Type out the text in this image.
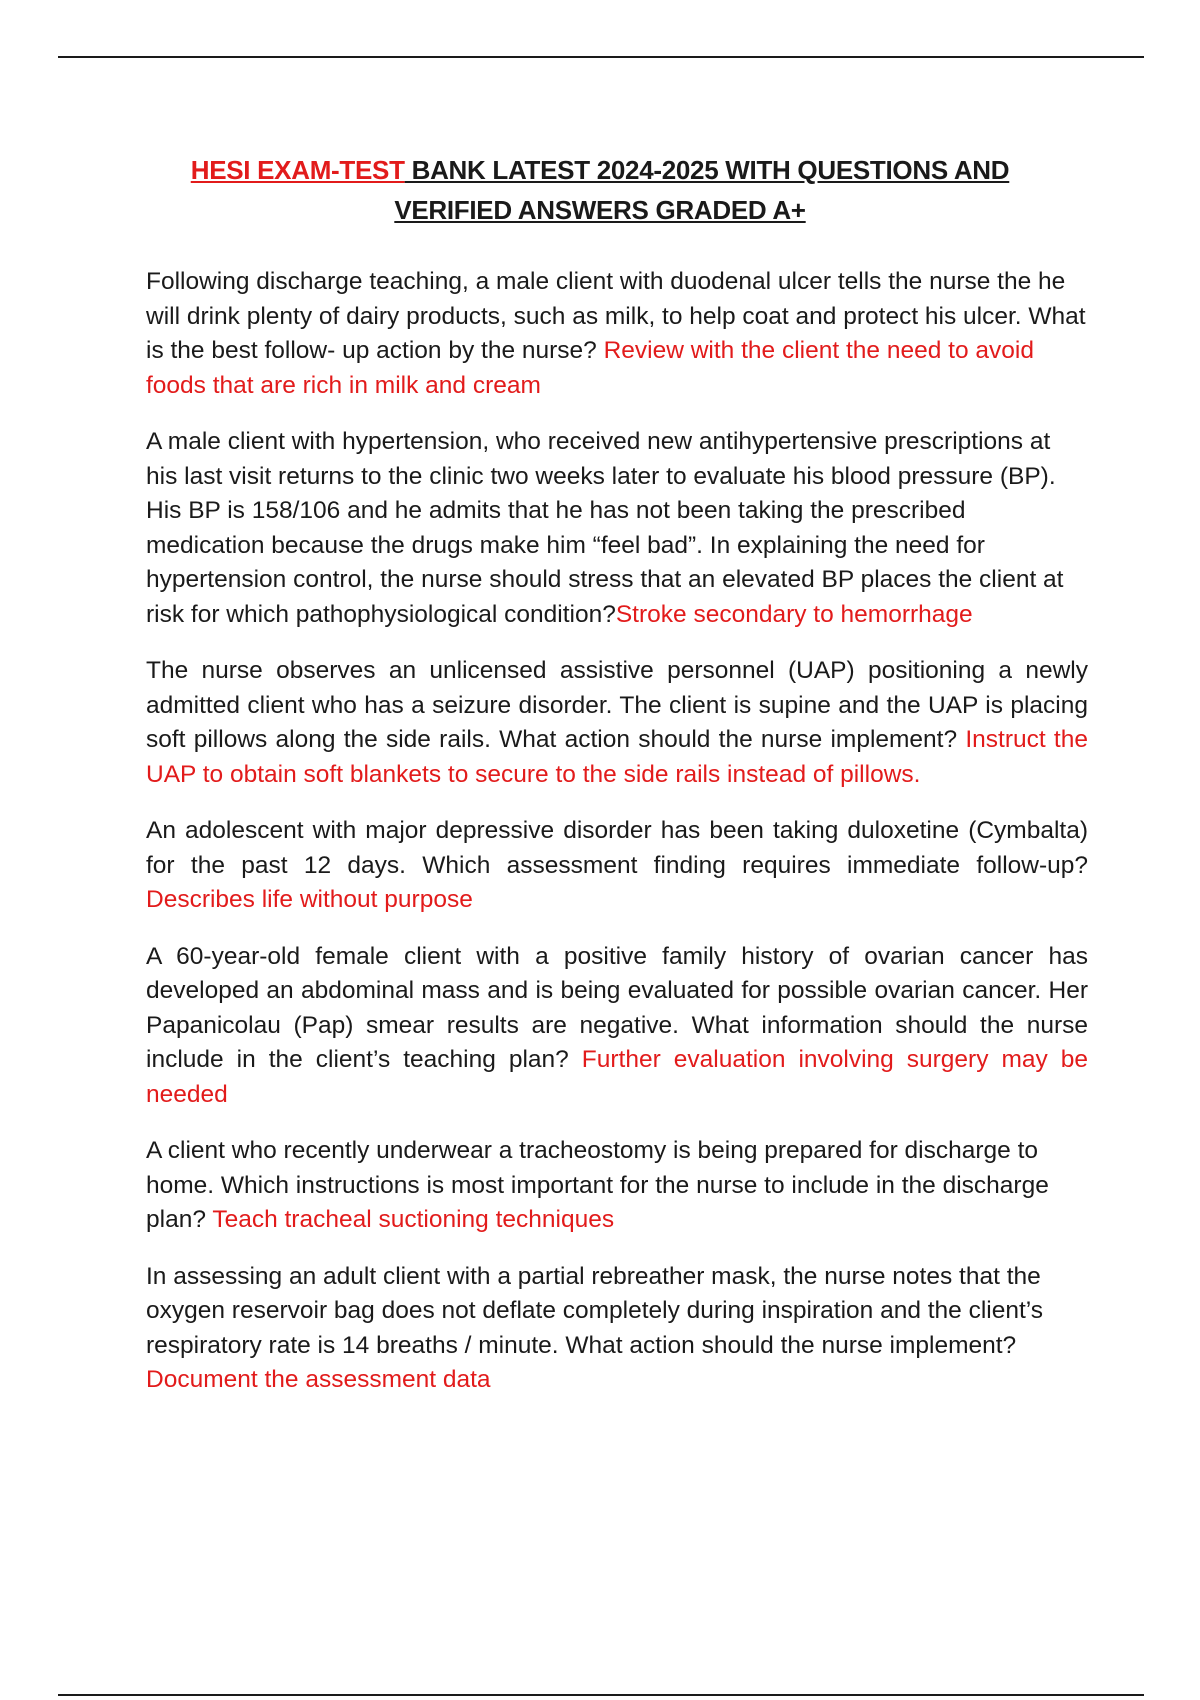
HESI EXAM-TEST BANK LATEST 2024-2025 WITH QUESTIONS AND
VERIFIED ANSWERS GRADED A+

Following discharge teaching, a male client with duodenal ulcer tells the nurse the he will drink plenty of dairy products, such as milk, to help coat and protect his ulcer. What is the best follow- up action by the nurse? Review with the client the need to avoid foods that are rich in milk and cream

A male client with hypertension, who received new antihypertensive prescriptions at his last visit returns to the clinic two weeks later to evaluate his blood pressure (BP). His BP is 158/106 and he admits that he has not been taking the prescribed medication because the drugs make him “feel bad”. In explaining the need for hypertension control, the nurse should stress that an elevated BP places the client at risk for which pathophysiological condition?Stroke secondary to hemorrhage

The nurse observes an unlicensed assistive personnel (UAP) positioning a newly admitted client who has a seizure disorder. The client is supine and the UAP is placing soft pillows along the side rails. What action should the nurse implement? Instruct the UAP to obtain soft blankets to secure to the side rails instead of pillows.

An adolescent with major depressive disorder has been taking duloxetine (Cymbalta) for the past 12 days. Which assessment finding requires immediate follow-up? Describes life without purpose

A 60-year-old female client with a positive family history of ovarian cancer has developed an abdominal mass and is being evaluated for possible ovarian cancer. Her Papanicolau (Pap) smear results are negative. What information should the nurse include in the client’s teaching plan? Further evaluation involving surgery may be needed

A client who recently underwear a tracheostomy is being prepared for discharge to home. Which instructions is most important for the nurse to include in the discharge plan? Teach tracheal suctioning techniques

In assessing an adult client with a partial rebreather mask, the nurse notes that the oxygen reservoir bag does not deflate completely during inspiration and the client’s respiratory rate is 14 breaths / minute. What action should the nurse implement? Document the assessment data
